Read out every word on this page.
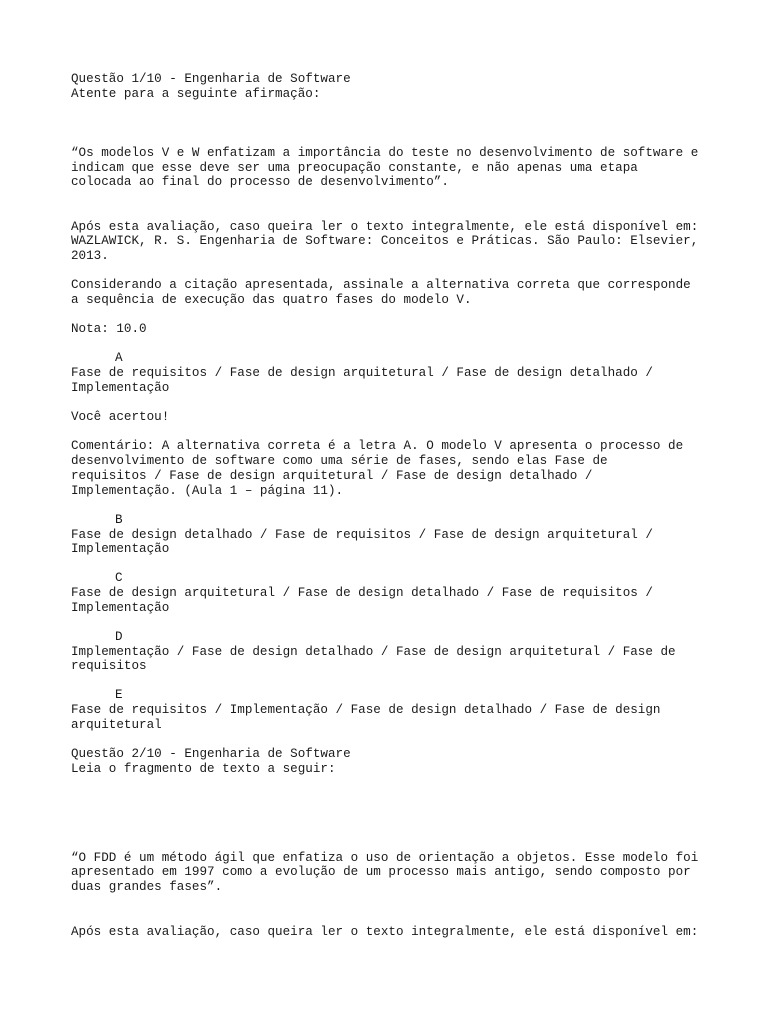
Questão 1/10 - Engenharia de Software
Atente para a seguinte afirmação:
“Os modelos V e W enfatizam a importância do teste no desenvolvimento de software e
indicam que esse deve ser uma preocupação constante, e não apenas uma etapa
colocada ao final do processo de desenvolvimento”.
Após esta avaliação, caso queira ler o texto integralmente, ele está disponível em:
WAZLAWICK, R. S. Engenharia de Software: Conceitos e Práticas. São Paulo: Elsevier,
2013.
Considerando a citação apresentada, assinale a alternativa correta que corresponde
a sequência de execução das quatro fases do modelo V.
Nota: 10.0
A
Fase de requisitos / Fase de design arquitetural / Fase de design detalhado /
Implementação
Você acertou!
Comentário: A alternativa correta é a letra A. O modelo V apresenta o processo de
desenvolvimento de software como uma série de fases, sendo elas Fase de
requisitos / Fase de design arquitetural / Fase de design detalhado /
Implementação. (Aula 1 – página 11).
B
Fase de design detalhado / Fase de requisitos / Fase de design arquitetural /
Implementação
C
Fase de design arquitetural / Fase de design detalhado / Fase de requisitos /
Implementação
D
Implementação / Fase de design detalhado / Fase de design arquitetural / Fase de
requisitos
E
Fase de requisitos / Implementação / Fase de design detalhado / Fase de design
arquitetural
Questão 2/10 - Engenharia de Software
Leia o fragmento de texto a seguir:
“O FDD é um método ágil que enfatiza o uso de orientação a objetos. Esse modelo foi
apresentado em 1997 como a evolução de um processo mais antigo, sendo composto por
duas grandes fases”.
Após esta avaliação, caso queira ler o texto integralmente, ele está disponível em:
